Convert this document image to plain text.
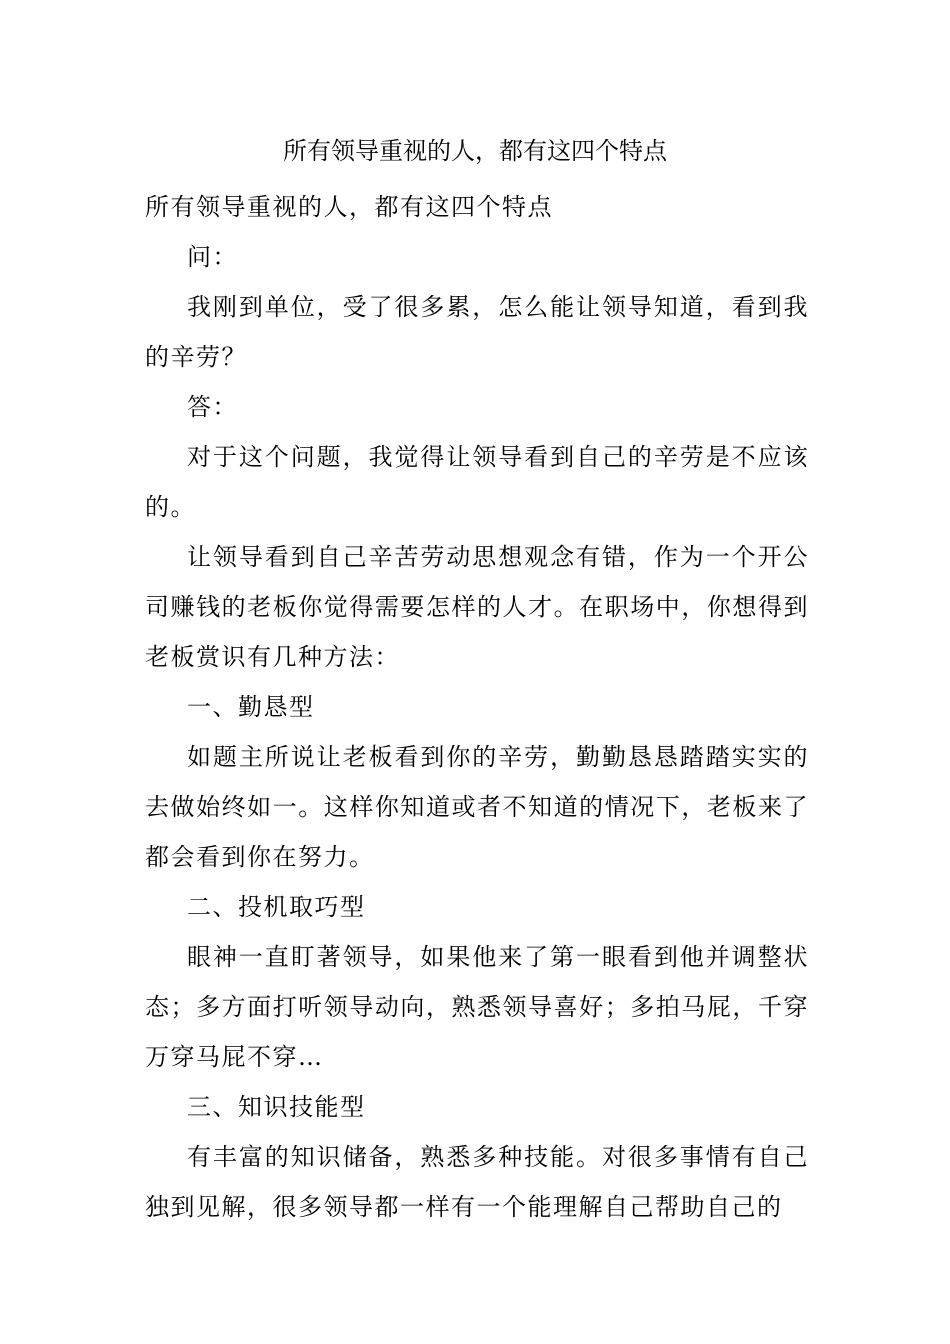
所有领导重视的人，都有这四个特点

所有领导重视的人，都有这四个特点

问：

我刚到单位，受了很多累，怎么能让领导知道，看到我的辛劳？

答：

对于这个问题，我觉得让领导看到自己的辛劳是不应该的。

让领导看到自己辛苦劳动思想观念有错，作为一个开公司赚钱的老板你觉得需要怎样的人才。在职场中，你想得到老板赏识有几种方法：

一、勤恳型

如题主所说让老板看到你的辛劳，勤勤恳恳踏踏实实的去做始终如一。这样你知道或者不知道的情况下，老板来了都会看到你在努力。

二、投机取巧型

眼神一直盯著领导，如果他来了第一眼看到他并调整状态；多方面打听领导动向，熟悉领导喜好；多拍马屁，千穿万穿马屁不穿…

三、知识技能型

有丰富的知识储备，熟悉多种技能。对很多事情有自己独到见解，很多领导都一样有一个能理解自己帮助自己的
